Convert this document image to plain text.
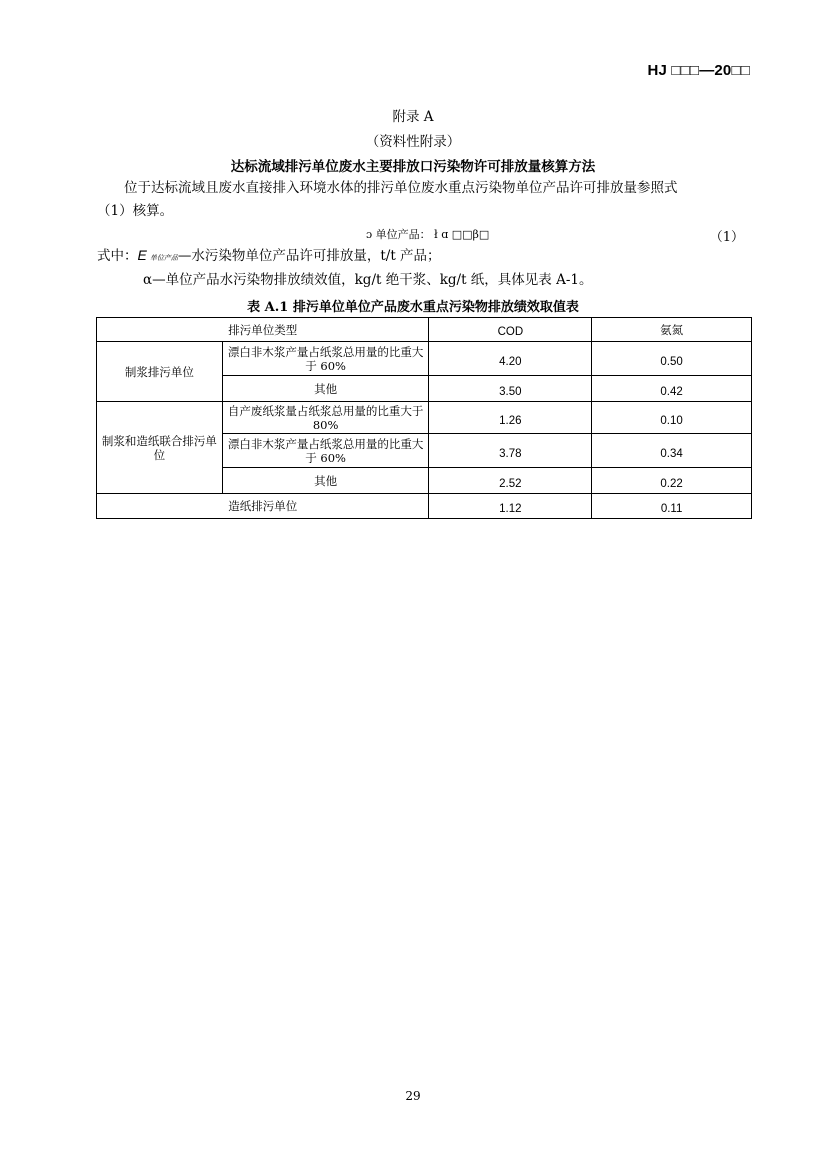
HJ □□□—20□□
附录 A
（资料性附录）
达标流域排污单位废水主要排放口污染物许可排放量核算方法
位于达标流域且废水直接排入环境水体的排污单位废水重点污染物单位产品许可排放量参照式
（1）核算。
ɔ 单位产品： ł ɑ □□β□	（1）
式中：E 单位产品—水污染物单位产品许可排放量，t/t 产品；
α—单位产品水污染物排放绩效值，kg/t 绝干浆、kg/t 纸，具体见表 A-1。
表 A.1 排污单位单位产品废水重点污染物排放绩效取值表
排污单位类型		COD	氨氮
制浆排污单位	漂白非木浆产量占纸浆总用量的比重大于 60%	4.20	0.50
	其他	3.50	0.42
制浆和造纸联合排污单位	自产废纸浆量占纸浆总用量的比重大于 80%	1.26	0.10
	漂白非木浆产量占纸浆总用量的比重大于 60%	3.78	0.34
	其他	2.52	0.22
造纸排污单位		1.12	0.11
29
